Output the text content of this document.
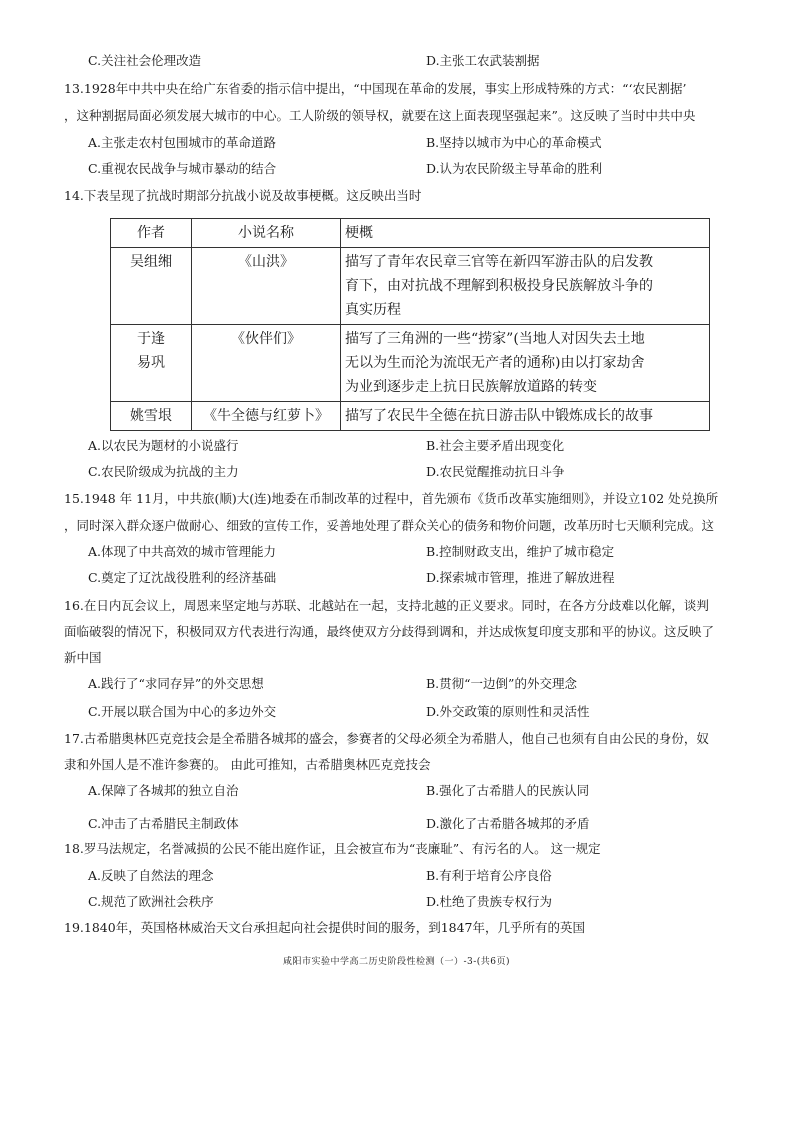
C.关注社会伦理改造	D.主张工农武装割据
13.1928年中共中央在给广东省委的指示信中提出，“中国现在革命的发展，事实上形成特殊的方式：“‘农民割据’
，这种割据局面必须发展大城市的中心。工人阶级的领导权，就要在这上面表现坚强起来”。这反映了当时中共中央
A.主张走农村包围城市的革命道路	B.坚持以城市为中心的革命模式
C.重视农民战争与城市暴动的结合	D.认为农民阶级主导革命的胜利
14.下表呈现了抗战时期部分抗战小说及故事梗概。这反映出当时
作者	小说名称	梗概
吴组缃	《山洪》	描写了青年农民章三官等在新四军游击队的启发教
育下，由对抗战不理解到积极投身民族解放斗争的
真实历程
于逢
易巩	《伙伴们》	描写了三角洲的一些“捞家”(当地人对因失去土地
无以为生而沦为流氓无产者的通称)由以打家劫舍
为业到逐步走上抗日民族解放道路的转变
姚雪垠	《牛全德与红萝卜》	描写了农民牛全德在抗日游击队中锻炼成长的故事
A.以农民为题材的小说盛行	B.社会主要矛盾出现变化
C.农民阶级成为抗战的主力	D.农民觉醒推动抗日斗争
15.1948 年 11月，中共旅(顺)大(连)地委在币制改革的过程中，首先颁布《货币改革实施细则》，并设立102 处兑换所
，同时深入群众逐户做耐心、细致的宣传工作，妥善地处理了群众关心的债务和物价问题，改革历时七天顺利完成。这
A.体现了中共高效的城市管理能力	B.控制财政支出，维护了城市稳定
C.奠定了辽沈战役胜利的经济基础	D.探索城市管理，推进了解放进程
16.在日内瓦会议上，周恩来坚定地与苏联、北越站在一起，支持北越的正义要求。同时，在各方分歧难以化解，谈判
面临破裂的情况下，积极同双方代表进行沟通，最终使双方分歧得到调和，并达成恢复印度支那和平的协议。这反映了
新中国
A.践行了“求同存异”的外交思想	B.贯彻“一边倒”的外交理念
C.开展以联合国为中心的多边外交	D.外交政策的原则性和灵活性
17.古希腊奥林匹克竞技会是全希腊各城邦的盛会，参赛者的父母必须全为希腊人，他自己也须有自由公民的身份，奴
隶和外国人是不准许参赛的。 由此可推知，古希腊奥林匹克竞技会
A.保障了各城邦的独立自治	B.强化了古希腊人的民族认同
C.冲击了古希腊民主制政体	D.激化了古希腊各城邦的矛盾
18.罗马法规定，名誉减损的公民不能出庭作证，且会被宣布为“丧廉耻”、有污名的人。 这一规定
A.反映了自然法的理念	B.有利于培育公序良俗
C.规范了欧洲社会秩序	D.杜绝了贵族专权行为
19.1840年，英国格林威治天文台承担起向社会提供时间的服务，到1847年，几乎所有的英国
咸阳市实验中学高二历史阶段性检测（一）-3-(共6页)
